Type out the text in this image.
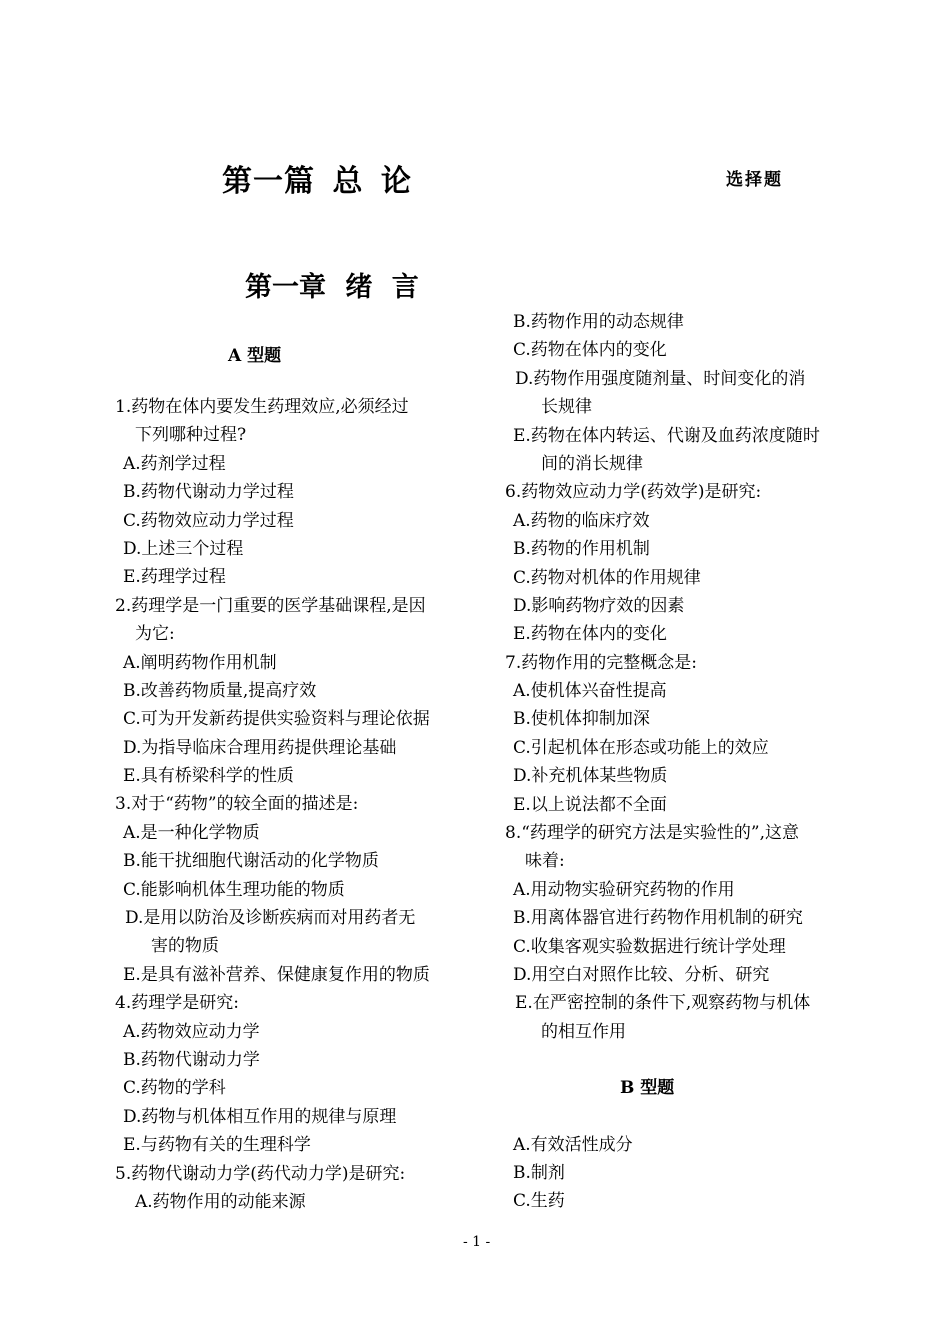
第一篇 总 论	选择题
第一章 绪 言
A 型题
1.药物在体内要发生药理效应,必须经过
下列哪种过程?
A.药剂学过程
B.药物代谢动力学过程
C.药物效应动力学过程
D.上述三个过程
E.药理学过程
2.药理学是一门重要的医学基础课程,是因
为它:
A.阐明药物作用机制
B.改善药物质量,提高疗效
C.可为开发新药提供实验资料与理论依据
D.为指导临床合理用药提供理论基础
E.具有桥梁科学的性质
3.对于“药物”的较全面的描述是:
A.是一种化学物质
B.能干扰细胞代谢活动的化学物质
C.能影响机体生理功能的物质
D.是用以防治及诊断疾病而对用药者无
害的物质
E.是具有滋补营养、保健康复作用的物质
4.药理学是研究:
A.药物效应动力学
B.药物代谢动力学
C.药物的学科
D.药物与机体相互作用的规律与原理
E.与药物有关的生理科学
5.药物代谢动力学(药代动力学)是研究:
A.药物作用的动能来源
B.药物作用的动态规律
C.药物在体内的变化
D.药物作用强度随剂量、时间变化的消
长规律
E.药物在体内转运、代谢及血药浓度随时
间的消长规律
6.药物效应动力学(药效学)是研究:
A.药物的临床疗效
B.药物的作用机制
C.药物对机体的作用规律
D.影响药物疗效的因素
E.药物在体内的变化
7.药物作用的完整概念是:
A.使机体兴奋性提高
B.使机体抑制加深
C.引起机体在形态或功能上的效应
D.补充机体某些物质
E.以上说法都不全面
8.“药理学的研究方法是实验性的”,这意
味着:
A.用动物实验研究药物的作用
B.用离体器官进行药物作用机制的研究
C.收集客观实验数据进行统计学处理
D.用空白对照作比较、分析、研究
E.在严密控制的条件下,观察药物与机体
的相互作用
B 型题
A.有效活性成分
B.制剂
C.生药
- 1 -
